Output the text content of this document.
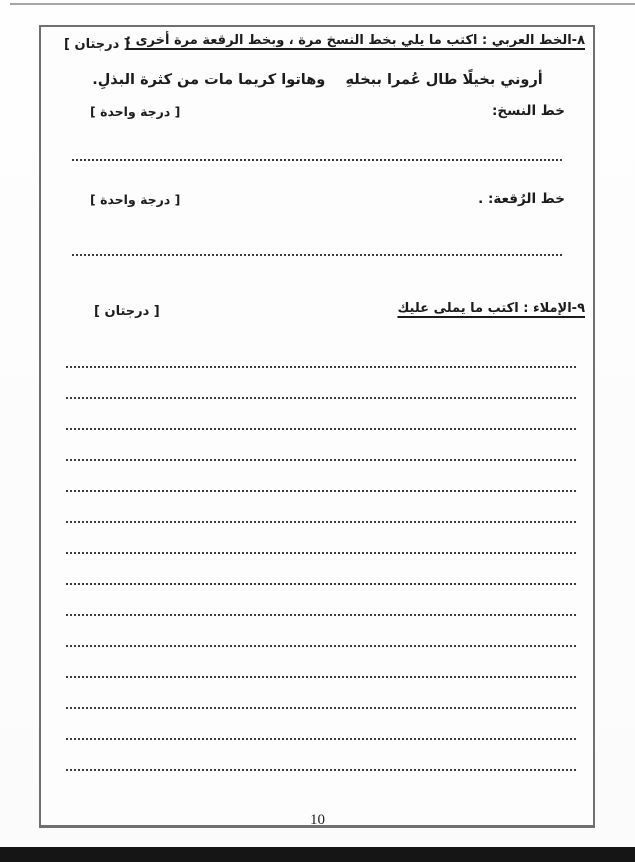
٨-الخط العربي : اكتب ما يلي بخط النسخ مرة ، وبخط الرقعة مرة أخرى :
[ درجتان ]
أروني بخيلًا طال عُمرا ببخلهِ    وهاتوا كريما مات من كثرة البذلِ.
خط النسخ:
[ درجة واحدة ]
خط الرُقعة: .
[ درجة واحدة ]
٩-الإملاء : اكتب ما يملى عليك
[ درجتان ]
10
